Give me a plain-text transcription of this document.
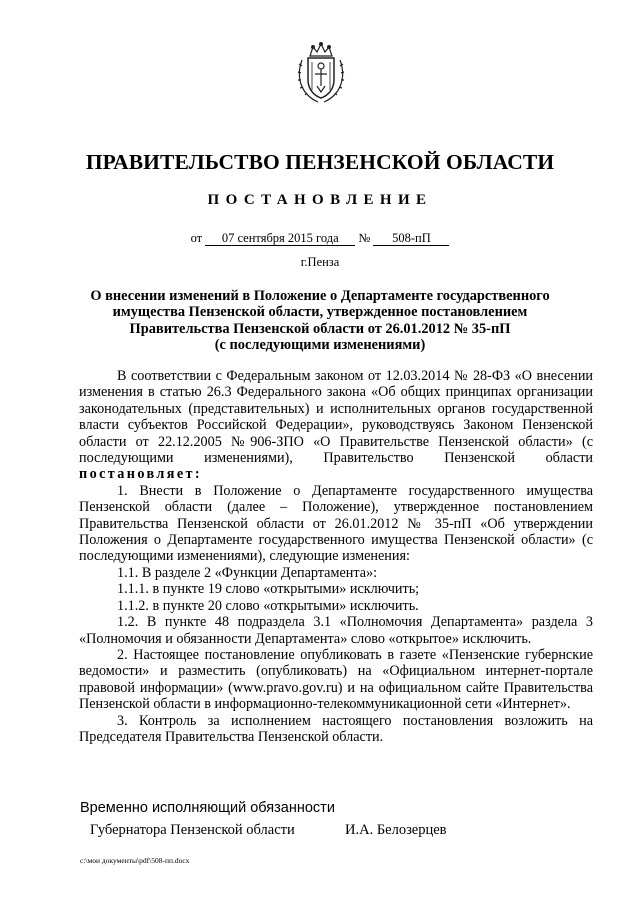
ПРАВИТЕЛЬСТВО ПЕНЗЕНСКОЙ ОБЛАСТИ
ПОСТАНОВЛЕНИЕ
от 07 сентября 2015 года № 508-пП
г.Пенза
О внесении изменений в Положение о Департаменте государственного
имущества Пензенской области, утвержденное постановлением
Правительства Пензенской области от 26.01.2012 № 35-пП
(с последующими изменениями)

В соответствии с Федеральным законом от 12.03.2014 № 28-ФЗ «О внесении изменения в статью 26.3 Федерального закона «Об общих принципах организации законодательных (представительных) и исполнительных органов государственной власти субъектов Российской Федерации», руководствуясь Законом Пензенской области от 22.12.2005 №906-ЗПО «О Правительстве Пензенской области» (с последующими изменениями), Правительство Пензенской области постановляет:

1. Внести в Положение о Департаменте государственного имущества Пензенской области (далее – Положение), утвержденное постановлением Правительства Пензенской области от 26.01.2012 № 35-пП «Об утверждении Положения о Департаменте государственного имущества Пензенской области» (с последующими изменениями), следующие изменения:

1.1. В разделе 2 «Функции Департамента»:

1.1.1. в пункте 19 слово «открытыми» исключить;

1.1.2. в пункте 20 слово «открытыми» исключить.

1.2. В пункте 48 подраздела 3.1 «Полномочия Департамента» раздела 3 «Полномочия и обязанности Департамента» слово «открытое» исключить.

2. Настоящее постановление опубликовать в газете «Пензенские губернские ведомости» и разместить (опубликовать) на «Официальном интернет-портале правовой информации» (www.pravo.gov.ru) и на официальном сайте Правительства Пензенской области в информационно-телекоммуникационной сети «Интернет».

3. Контроль за исполнением настоящего постановления возложить на Председателя Правительства Пензенской области.

Временно исполняющий обязанности
Губернатора Пензенской области	И.А. Белозерцев
c:\мои документы\pdf\508-пп.docx
